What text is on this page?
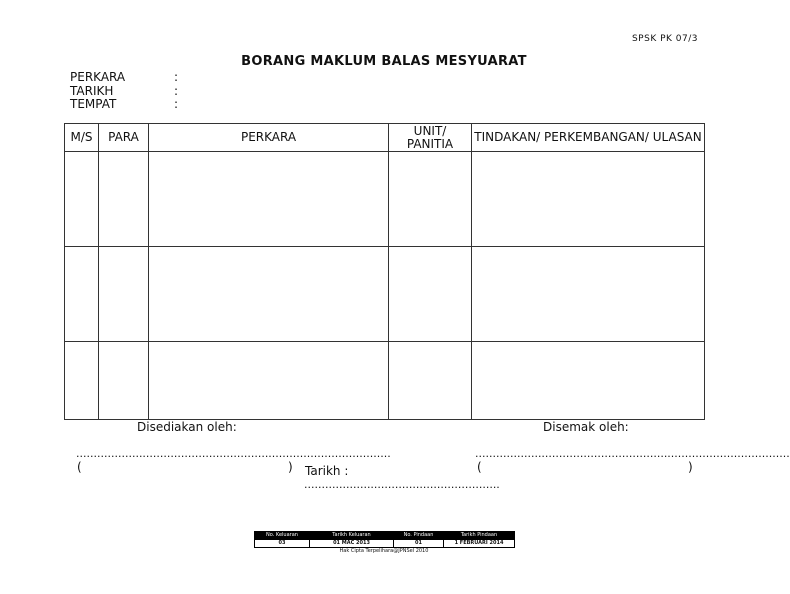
SPSK PK 07/3
BORANG MAKLUM BALAS MESYUARAT
PERKARA	:
TARIKH	:
TEMPAT	:
M/S	PARA	PERKARA	UNIT/ PANITIA	TINDAKAN/ PERKEMBANGAN/ ULASAN

Disediakan oleh:	Disemak oleh:
..........................................................................................
(	) Tarikh :
........................................................
..........................................................................................
(	)
No. Keluaran	Tarikh Keluaran	No. Pindaan	Tarikh Pindaan
03	01 MAC 2013	01	1 FEBRUARI 2014
Hak Cipta Terpelihara@JPNSel 2010
